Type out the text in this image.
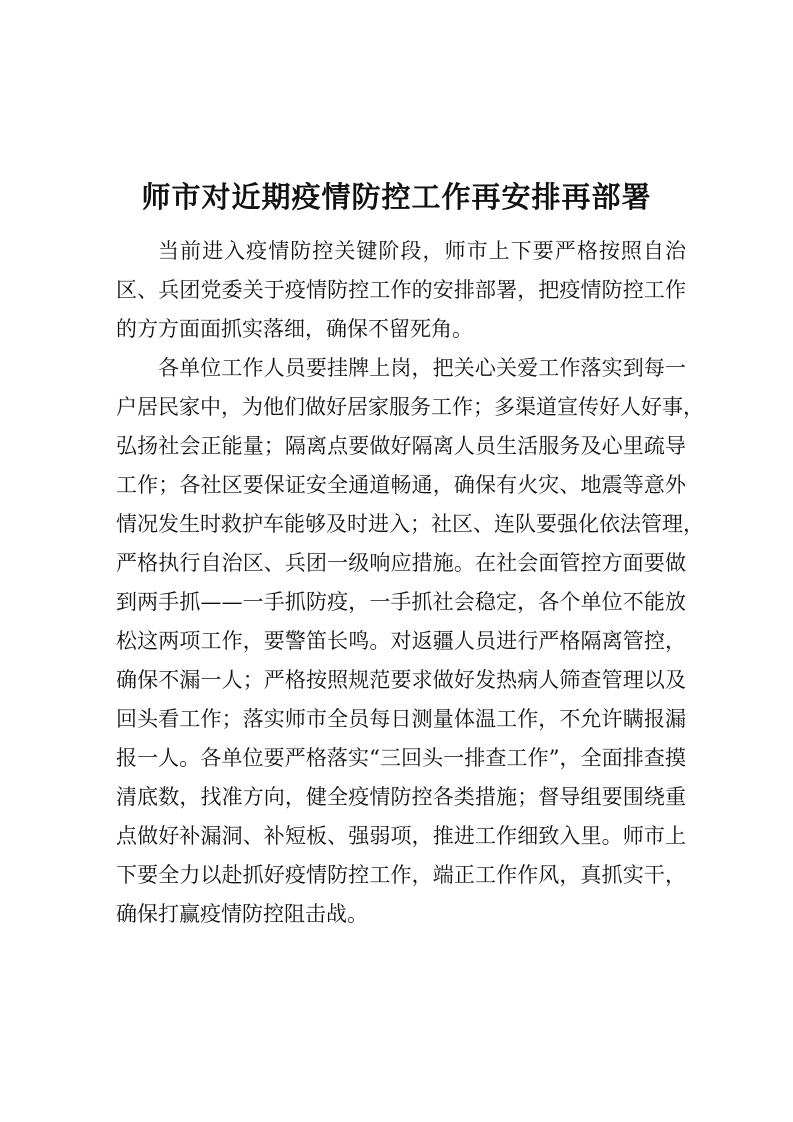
师市对近期疫情防控工作再安排再部署
当前进入疫情防控关键阶段，师市上下要严格按照自治
区、兵团党委关于疫情防控工作的安排部署，把疫情防控工作
的方方面面抓实落细，确保不留死角。
各单位工作人员要挂牌上岗，把关心关爱工作落实到每一
户居民家中，为他们做好居家服务工作；多渠道宣传好人好事，
弘扬社会正能量；隔离点要做好隔离人员生活服务及心里疏导
工作；各社区要保证安全通道畅通，确保有火灾、地震等意外
情况发生时救护车能够及时进入；社区、连队要强化依法管理，
严格执行自治区、兵团一级响应措施。在社会面管控方面要做
到两手抓——一手抓防疫，一手抓社会稳定，各个单位不能放
松这两项工作，要警笛长鸣。对返疆人员进行严格隔离管控，
确保不漏一人；严格按照规范要求做好发热病人筛查管理以及
回头看工作；落实师市全员每日测量体温工作，不允许瞒报漏
报一人。各单位要严格落实“三回头一排查工作”，全面排查摸
清底数，找准方向，健全疫情防控各类措施；督导组要围绕重
点做好补漏洞、补短板、强弱项，推进工作细致入里。师市上
下要全力以赴抓好疫情防控工作，端正工作作风，真抓实干，
确保打赢疫情防控阻击战。
